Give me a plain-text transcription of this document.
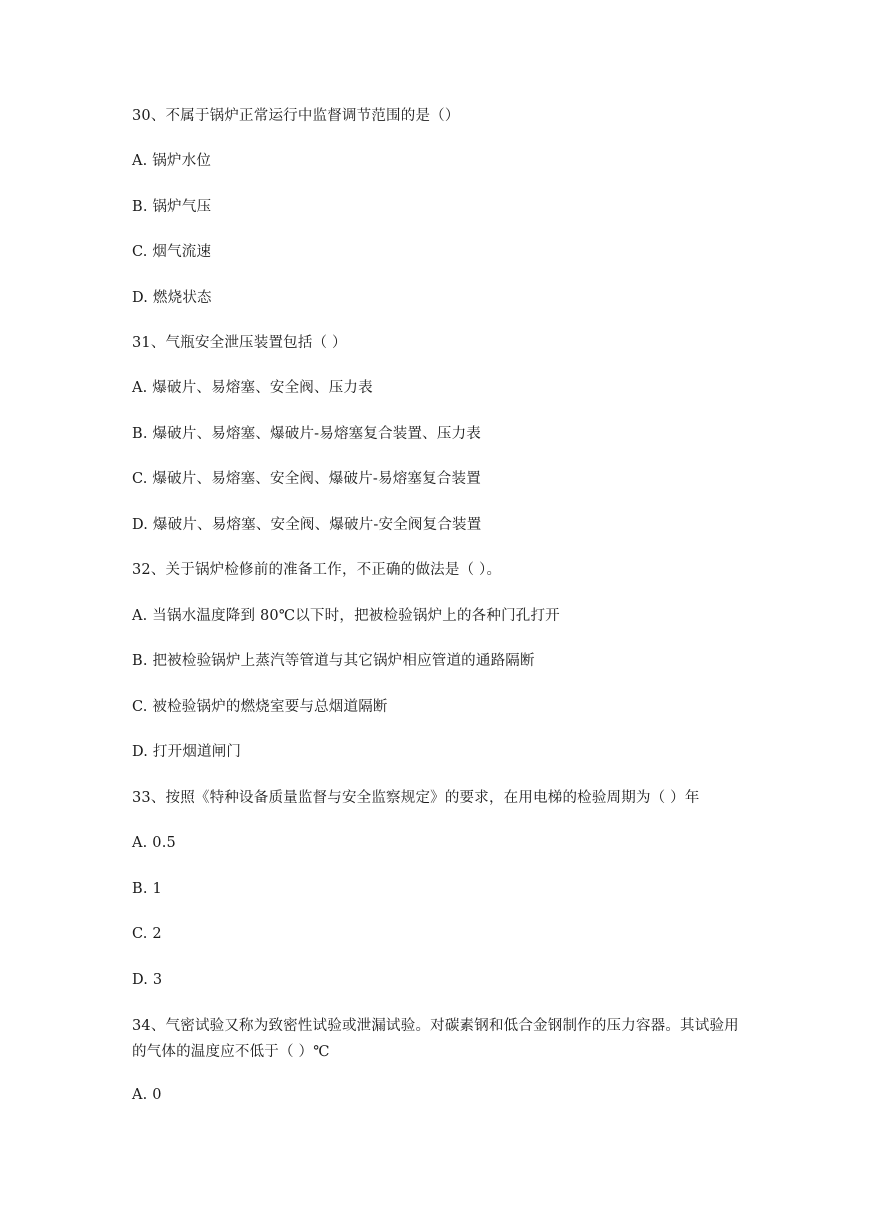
30、不属于锅炉正常运行中监督调节范围的是（）
A. 锅炉水位
B. 锅炉气压
C. 烟气流速
D. 燃烧状态
31、气瓶安全泄压装置包括（ ）
A. 爆破片、易熔塞、安全阀、压力表
B. 爆破片、易熔塞、爆破片-易熔塞复合装置、压力表
C. 爆破片、易熔塞、安全阀、爆破片-易熔塞复合装置
D. 爆破片、易熔塞、安全阀、爆破片-安全阀复合装置
32、关于锅炉检修前的准备工作，不正确的做法是（ ）。
A. 当锅水温度降到 80℃以下时，把被检验锅炉上的各种门孔打开
B. 把被检验锅炉上蒸汽等管道与其它锅炉相应管道的通路隔断
C. 被检验锅炉的燃烧室要与总烟道隔断
D. 打开烟道闸门
33、按照《特种设备质量监督与安全监察规定》的要求，在用电梯的检验周期为（ ）年
A. 0.5
B. 1
C. 2
D. 3
34、气密试验又称为致密性试验或泄漏试验。对碳素钢和低合金钢制作的压力容器。其试验用的气体的温度应不低于（ ）℃
A. 0
